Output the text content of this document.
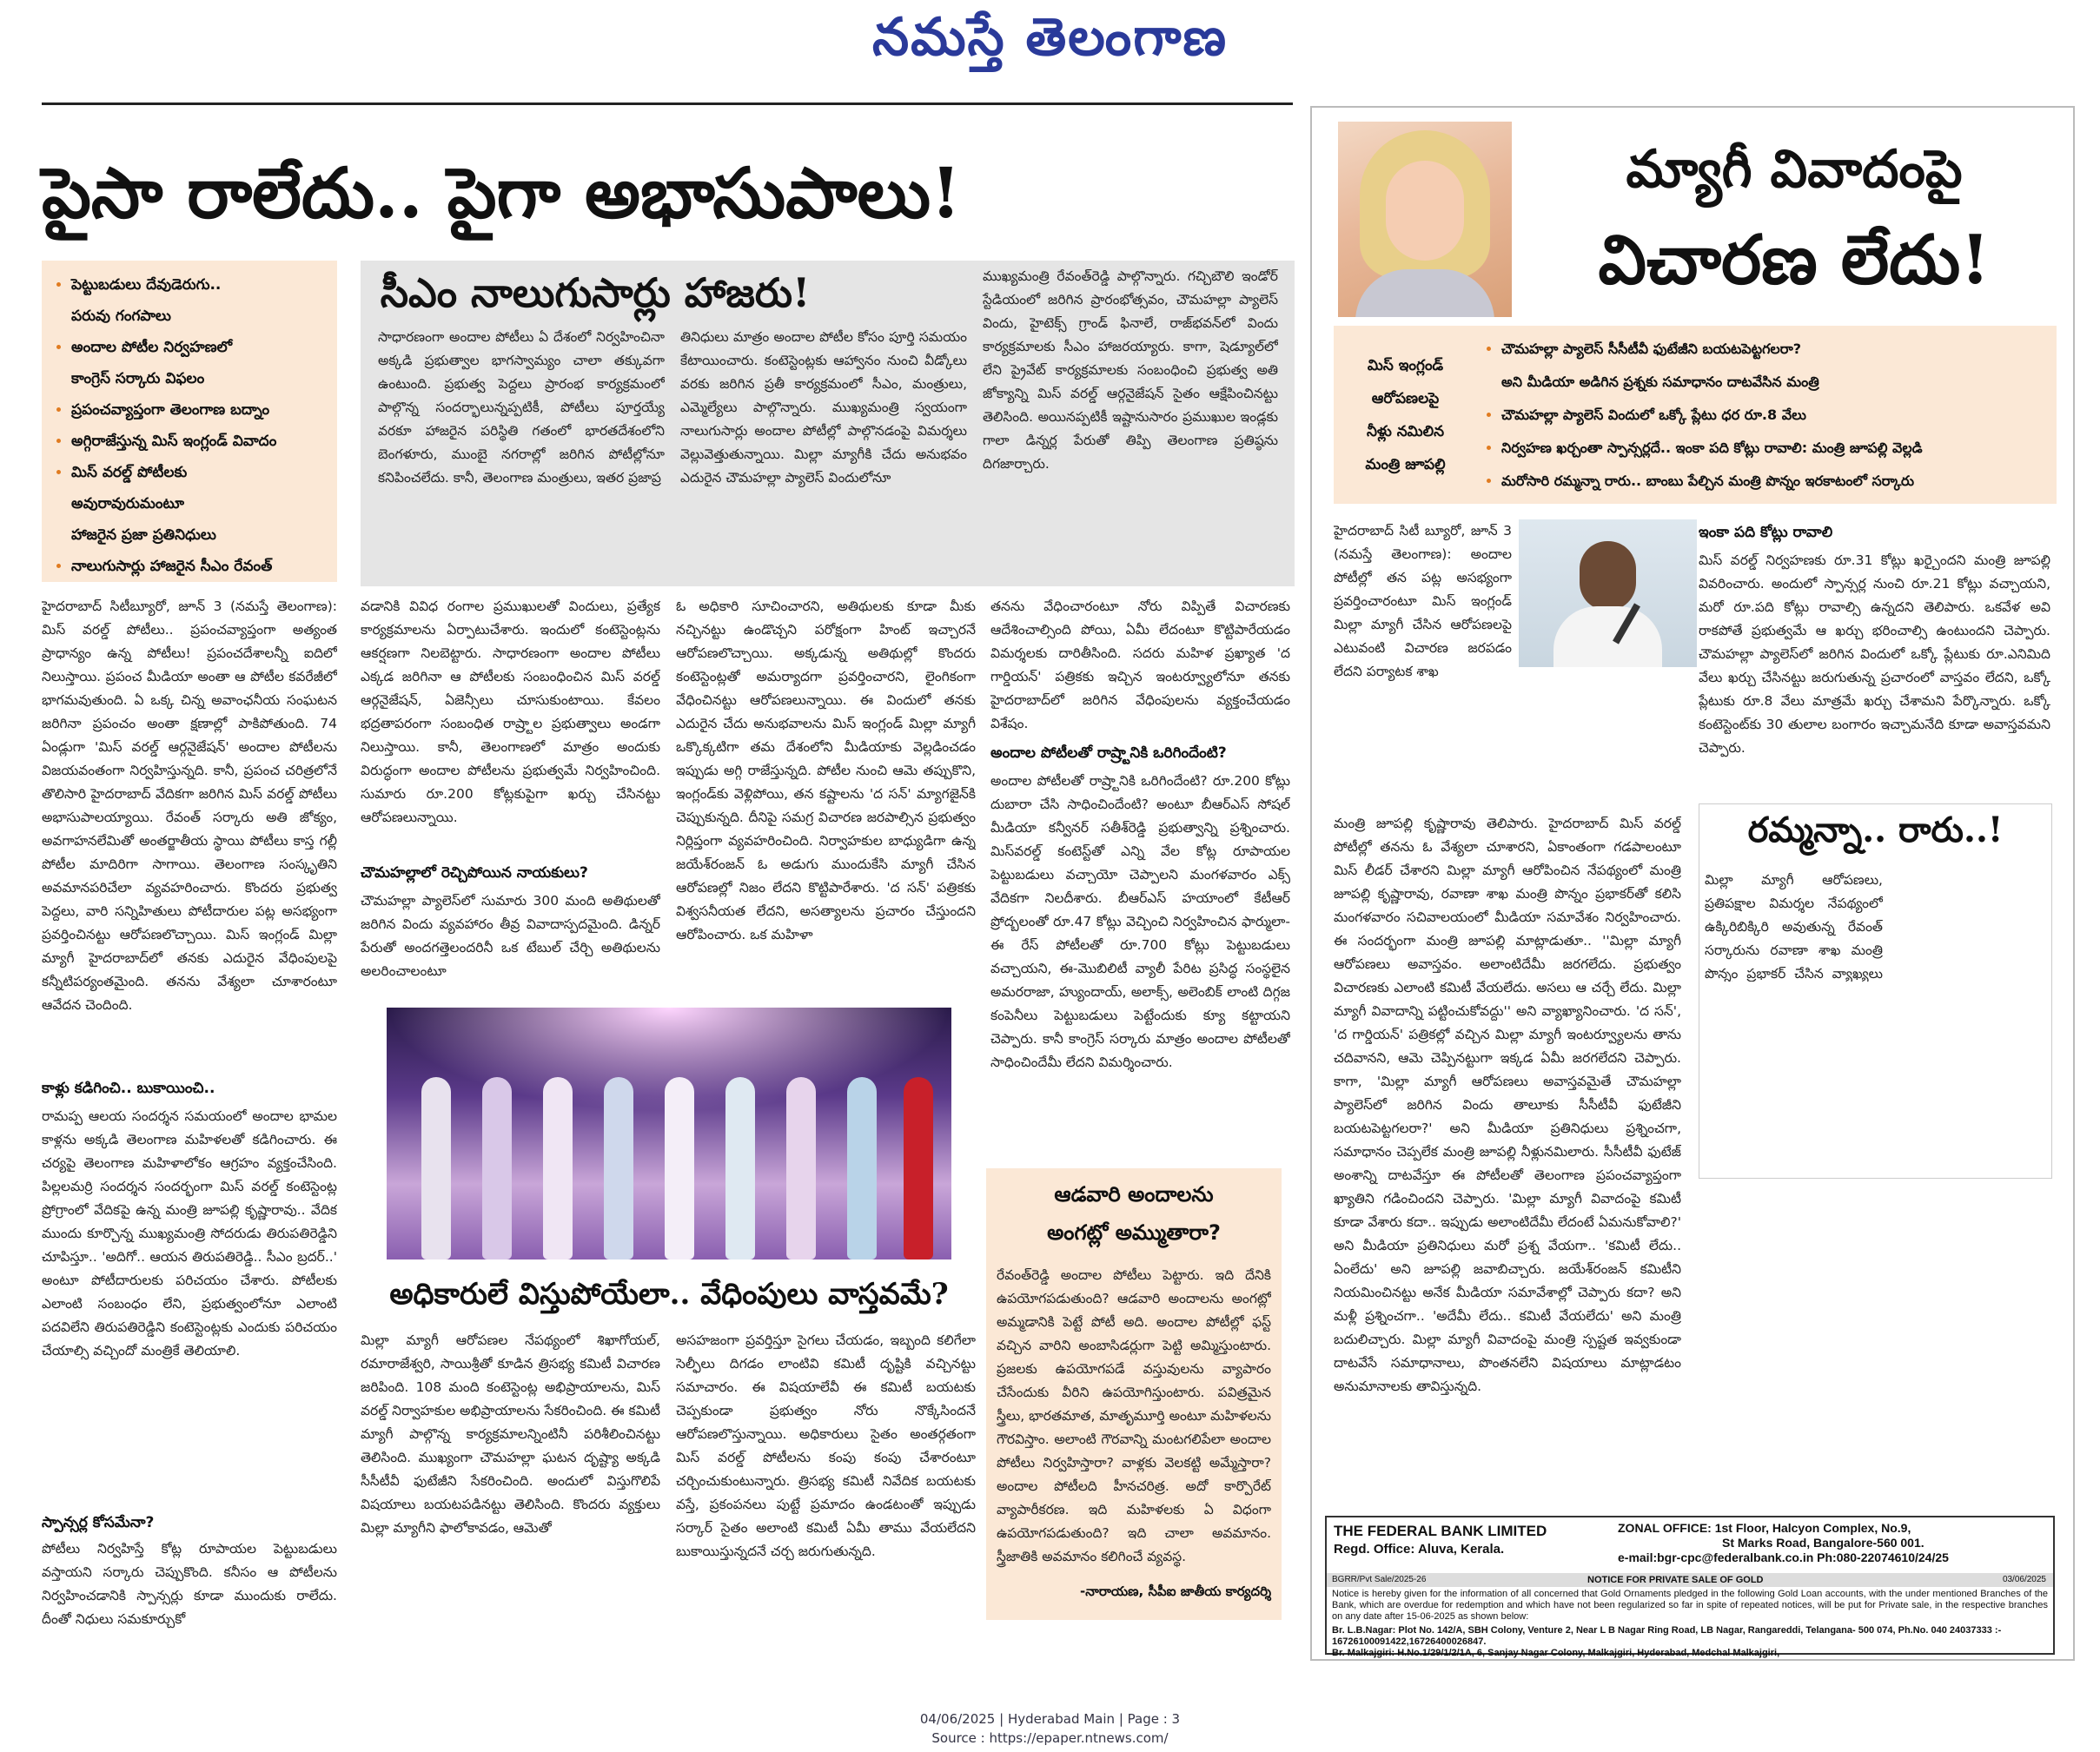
నమస్తే తెలంగాణ
పైసా రాలేదు.. పైగా అభాసుపాలు!
• పెట్టుబడులు దేవుడెరుగు..
పరువు గంగపాలు
• అందాల పోటీల నిర్వహణలో
కాంగ్రెస్ సర్కారు విఫలం
• ప్రపంచవ్యాప్తంగా తెలంగాణ బద్నాం
• అగ్గిరాజేస్తున్న మిస్ ఇంగ్లండ్ వివాదం
• మిస్ వరల్డ్ పోటీలకు
అవురావురుమంటూ
హాజరైన ప్రజా ప్రతినిధులు
• నాలుగుసార్లు హాజరైన సీఎం రేవంత్
సీఎం నాలుగుసార్లు హాజరు!
సాధారణంగా అందాల పోటీలు ఏ దేశంలో నిర్వహించినా అక్కడి ప్రభుత్వాల భాగస్వామ్యం చాలా తక్కువగా ఉంటుంది. ప్రభుత్వ పెద్దలు ప్రారంభ కార్యక్రమంలో పాల్గొన్న సందర్భాలున్నప్పటికీ, పోటీలు పూర్తయ్యే వరకూ హాజరైన పరిస్థితి గతంలో భారతదేశంలోని బెంగళూరు, ముంబై నగరాల్లో జరిగిన పోటీల్లోనూ కనిపించలేదు. కానీ, తెలంగాణ మంత్రులు, ఇతర ప్రజాప్ర
తినిధులు మాత్రం అందాల పోటీల కోసం పూర్తి సమయం కేటాయించారు. కంటెస్టెంట్లకు ఆహ్వానం నుంచి వీడ్కోలు వరకు జరిగిన ప్రతీ కార్యక్రమంలో సీఎం, మంత్రులు, ఎమ్మెల్యేలు పాల్గొన్నారు. ముఖ్యమంత్రి స్వయంగా నాలుగుసార్లు అందాల పోటీల్లో పాల్గొనడంపై విమర్శలు వెల్లువెత్తుతున్నాయి. మిల్లా మ్యాగీకి చేదు అనుభవం ఎదురైన చౌమహల్లా ప్యాలెస్ విందులోనూ
ముఖ్యమంత్రి రేవంత్‌రెడ్డి పాల్గొన్నారు. గచ్చిబౌలి ఇండోర్ స్టేడియంలో జరిగిన ప్రారంభోత్సవం, చౌమహల్లా ప్యాలెస్ విందు, హైటెక్స్ గ్రాండ్ ఫినాలే, రాజ్‌భవన్‌లో విందు కార్యక్రమాలకు సీఎం హాజరయ్యారు. కాగా, షెడ్యూల్‌లో లేని ప్రైవేట్ కార్యక్రమాలకు సంబంధించి ప్రభుత్వ అతి జోక్యాన్ని మిస్ వరల్డ్ ఆర్గనైజేషన్ సైతం ఆక్షేపించినట్టు తెలిసింది. అయినప్పటికీ ఇష్టానుసారం ప్రముఖుల ఇండ్లకు గాలా డిన్నర్ల పేరుతో తిప్పి తెలంగాణ ప్రతిష్ఠను దిగజార్చారు.
హైదరాబాద్ సిటీబ్యూరో, జూన్ 3 (నమస్తే తెలంగాణ): మిస్ వరల్డ్ పోటీలు.. ప్రపంచవ్యాప్తంగా అత్యంత ప్రాధాన్యం ఉన్న పోటీలు! ప్రపంచదేశాలన్నీ ఐదిలో నిలుస్తాయి. ప్రపంచ మీడియా అంతా ఆ పోటీల కవరేజీలో భాగమవుతుంది. ఏ ఒక్క చిన్న అవాంఛనీయ సంఘటన జరిగినా ప్రపంచం అంతా క్షణాల్లో పాకిపోతుంది. 74 ఏండ్లుగా 'మిస్ వరల్డ్ ఆర్గనైజేషన్' అందాల పోటీలను విజయవంతంగా నిర్వహిస్తున్నది. కానీ, ప్రపంచ చరిత్రలోనే తొలిసారి హైదరాబాద్ వేదికగా జరిగిన మిస్ వరల్డ్ పోటీలు అభాసుపాలయ్యాయి. రేవంత్ సర్కారు అతి జోక్యం, అవగాహనలేమితో అంతర్జాతీయ స్థాయి పోటీలు కాస్త గల్లీ పోటీల మాదిరిగా సాగాయి. తెలంగాణ సంస్కృతిని అవమానపరిచేలా వ్యవహరించారు. కొందరు ప్రభుత్వ పెద్దలు, వారి సన్నిహితులు పోటీదారుల పట్ల అసభ్యంగా ప్రవర్తించినట్టు ఆరోపణలొచ్చాయి. మిస్ ఇంగ్లండ్ మిల్లా మ్యాగీ హైదరాబాద్‌లో తనకు ఎదురైన వేధింపులపై కన్నీటిపర్యంతమైంది. తనను వేశ్యలా చూశారంటూ ఆవేదన చెందింది.
కాళ్లు కడిగించి.. బుకాయించి..
రామప్ప ఆలయ సందర్శన సమయంలో అందాల భామల కాళ్లను అక్కడి తెలంగాణ మహిళలతో కడిగించారు. ఈ చర్యపై తెలంగాణ మహిళాలోకం ఆగ్రహం వ్యక్తంచేసింది. పిల్లలమర్రి సందర్శన సందర్భంగా మిస్ వరల్డ్ కంటెస్టెంట్ల ప్రోగ్రాంలో వేదికపై ఉన్న మంత్రి జూపల్లి కృష్ణారావు.. వేదిక ముందు కూర్చొన్న ముఖ్యమంత్రి సోదరుడు తిరుపతిరెడ్డిని చూపిస్తూ.. 'అదిగో.. ఆయన తిరుపతిరెడ్డి.. సీఎం బ్రదర్..' అంటూ పోటీదారులకు పరిచయం చేశారు. పోటీలకు ఎలాంటి సంబంధం లేని, ప్రభుత్వంలోనూ ఎలాంటి పదవిలేని తిరుపతిరెడ్డిని కంటెస్టెంట్లకు ఎందుకు పరిచయం చేయాల్సి వచ్చిందో మంత్రికే తెలియాలి.
స్పాన్సర్ల కోసమేనా?
పోటీలు నిర్వహిస్తే కోట్ల రూపాయల పెట్టుబడులు వస్తాయని సర్కారు చెప్పుకొంది. కనీసం ఆ పోటీలను నిర్వహించడానికి స్పాన్సర్లు కూడా ముందుకు రాలేదు. దీంతో నిధులు సమకూర్చుకో
వడానికి వివిధ రంగాల ప్రముఖులతో విందులు, ప్రత్యేక కార్యక్రమాలను ఏర్పాటుచేశారు. ఇందులో కంటెస్టెంట్లను ఆకర్షణగా నిలబెట్టారు. సాధారణంగా అందాల పోటీలు ఎక్కడ జరిగినా ఆ పోటీలకు సంబంధించిన మిస్ వరల్డ్ ఆర్గనైజేషన్, ఏజెన్సీలు చూసుకుంటాయి. కేవలం భద్రతాపరంగా సంబంధిత రాష్ర్టాల ప్రభుత్వాలు అండగా నిలుస్తాయి. కానీ, తెలంగాణలో మాత్రం అందుకు విరుద్ధంగా అందాల పోటీలను ప్రభుత్వమే నిర్వహించింది. సుమారు రూ.200 కోట్లకుపైగా ఖర్చు చేసినట్టు ఆరోపణలున్నాయి.
చౌమహల్లాలో రెచ్చిపోయిన నాయకులు?
చౌమహల్లా ప్యాలెస్‌లో సుమారు 300 మంది అతిథులతో జరిగిన విందు వ్యవహారం తీవ్ర వివాదాస్పదమైంది. డిన్నర్ పేరుతో అందగత్తెలందరినీ ఒక టేబుల్ చేర్చి అతిథులను అలరించాలంటూ
ఓ అధికారి సూచించారని, అతిథులకు కూడా మీకు నచ్చినట్టు ఉండొచ్చని పరోక్షంగా హింట్ ఇచ్చారనే ఆరోపణలొచ్చాయి. అక్కడున్న అతిథుల్లో కొందరు కంటెస్టెంట్లతో అమర్యాదగా ప్రవర్తించారని, లైంగికంగా వేధించినట్టు ఆరోపణలున్నాయి. ఈ విందులో తనకు ఎదురైన చేదు అనుభవాలను మిస్ ఇంగ్లండ్ మిల్లా మ్యాగీ ఒక్కొక్కటిగా తమ దేశంలోని మీడియాకు వెల్లడించడం ఇప్పుడు అగ్గి రాజేస్తున్నది. పోటీల నుంచి ఆమె తప్పుకొని, ఇంగ్లండ్‌కు వెళ్లిపోయి, తన కష్టాలను 'ద సన్' మ్యాగజైన్‌కి చెప్పుకున్నది. దీనిపై సమగ్ర విచారణ జరపాల్సిన ప్రభుత్వం నిర్లిప్తంగా వ్యవహరించింది. నిర్వాహకుల బాధ్యుడిగా ఉన్న జయేశ్‌రంజన్ ఓ అడుగు ముందుకేసి మ్యాగీ చేసిన ఆరోపణల్లో నిజం లేదని కొట్టిపారేశారు. 'ద సన్' పత్రికకు విశ్వసనీయత లేదని, అసత్యాలను ప్రచారం చేస్తుందని ఆరోపించారు. ఒక మహిళా
తనను వేధించారంటూ నోరు విప్పితే విచారణకు ఆదేశించాల్సింది పోయి, ఏమీ లేదంటూ కొట్టిపారేయడం విమర్శలకు దారితీసింది. సదరు మహిళ ప్రఖ్యాత 'ద గార్డియన్' పత్రికకు ఇచ్చిన ఇంటర్వ్యూలోనూ తనకు హైదరాబాద్‌లో జరిగిన వేధింపులను వ్యక్తంచేయడం విశేషం.
అందాల పోటీలతో రాష్ర్టానికి ఒరిగిందేంటి?
అందాల పోటీలతో రాష్ర్టానికి ఒరిగిందేంటి? రూ.200 కోట్లు దుబారా చేసి సాధించిందేంటి? అంటూ బీఆర్ఎస్ సోషల్ మీడియా కన్వీనర్ సతీశ్‌రెడ్డి ప్రభుత్వాన్ని ప్రశ్నించారు. మిస్‌వరల్డ్ కంటెస్ట్‌తో ఎన్ని వేల కోట్ల రూపాయల పెట్టుబడులు వచ్చాయో చెప్పాలని మంగళవారం ఎక్స్ వేదికగా నిలదీశారు. బీఆర్ఎస్ హయాంలో కేటీఆర్ ప్రోద్బలంతో రూ.47 కోట్లు వెచ్చించి నిర్వహించిన ఫార్ములా-ఈ రేస్ పోటీలతో రూ.700 కోట్లు పెట్టుబడులు వచ్చాయని, ఈ-మొబిలిటీ వ్యాలీ పేరిట ప్రసిద్ధ సంస్థలైన అమరరాజా, హ్యుందాయ్, అలాక్స్, అలెంబిక్ లాంటి దిగ్గజ కంపెనీలు పెట్టుబడులు పెట్టేందుకు క్యూ కట్టాయని చెప్పారు. కానీ కాంగ్రెస్ సర్కారు మాత్రం అందాల పోటీలతో సాధించిందేమీ లేదని విమర్శించారు.
అధికారులే విస్తుపోయేలా.. వేధింపులు వాస్తవమే?
మిల్లా మ్యాగీ ఆరోపణల నేపథ్యంలో శిఖాగోయల్, రమారాజేశ్వరి, సాయిశ్రీతో కూడిన త్రిసభ్య కమిటీ విచారణ జరిపింది. 108 మంది కంటెస్టెంట్ల అభిప్రాయాలను, మిస్ వరల్డ్ నిర్వాహకుల అభిప్రాయాలను సేకరించింది. ఈ కమిటీ మ్యాగీ పాల్గొన్న కార్యక్రమాలన్నింటినీ పరిశీలించినట్టు తెలిసింది. ముఖ్యంగా చౌమహల్లా ఘటన దృష్ట్యా అక్కడి సీసీటీవీ ఫుటేజీని సేకరించింది. అందులో విస్తుగొలిపే విషయాలు బయటపడినట్టు తెలిసింది. కొందరు వ్యక్తులు మిల్లా మ్యాగీని ఫాలోకావడం, ఆమెతో
అసహజంగా ప్రవర్తిస్తూ సైగలు చేయడం, ఇబ్బంది కలిగేలా సెల్ఫీలు దిగడం లాంటివి కమిటీ దృష్టికి వచ్చినట్టు సమాచారం. ఈ విషయాలేవీ ఈ కమిటీ బయటకు చెప్పకుండా ప్రభుత్వం నోరు నొక్కేసిందనే ఆరోపణలొస్తున్నాయి. అధికారులు సైతం అంతర్గతంగా మిస్ వరల్డ్ పోటీలను కంపు కంపు చేశారంటూ చర్చించుకుంటున్నారు. త్రిసభ్య కమిటీ నివేదిక బయటకు వస్తే, ప్రకంపనలు పుట్టే ప్రమాదం ఉండటంతో ఇప్పుడు సర్కార్ సైతం అలాంటి కమిటీ ఏమీ తాము వేయలేదని బుకాయిస్తున్నదనే చర్చ జరుగుతున్నది.
ఆడవారి అందాలను
అంగట్లో అమ్ముతారా?
రేవంత్‌రెడ్డి అందాల పోటీలు పెట్టారు. ఇది దేనికి ఉపయోగపడుతుంది? ఆడవారి అందాలను అంగట్లో అమ్మడానికి పెట్టే పోటీ అది. అందాల పోటీల్లో ఫస్ట్ వచ్చిన వారిని అంబాసిడర్లుగా పెట్టి అమ్మిస్తుంటారు. ప్రజలకు ఉపయోగపడే వస్తువులను వ్యాపారం చేసేందుకు వీరిని ఉపయోగిస్తుంటారు. పవిత్రమైన స్త్రీలు, భారతమాత, మాతృమూర్తి అంటూ మహిళలను గౌరవిస్తాం. అలాంటి గౌరవాన్ని మంటగలిపేలా అందాల పోటీలు నిర్వహిస్తారా? వాళ్లకు వెలకట్టి అమ్మేస్తారా? అందాల పోటీలది హీనచరిత్ర. అదో కార్పొరేట్ వ్యాపారీకరణ. ఇది మహిళలకు ఏ విధంగా ఉపయోగపడుతుంది? ఇది చాలా అవమానం. స్త్రీజాతికి అవమానం కలిగించే వ్యవస్థ.
-నారాయణ, సీపీఐ జాతీయ కార్యదర్శి
మ్యాగీ వివాదంపై
విచారణ లేదు!
మిస్ ఇంగ్లండ్
ఆరోపణలపై
నీళ్లు నమిలిన
మంత్రి జూపల్లి
• చౌమహల్లా ప్యాలెస్ సీసీటీవీ ఫుటేజీని బయటపెట్టగలరా?
అని మీడియా అడిగిన ప్రశ్నకు సమాధానం దాటవేసిన మంత్రి
• చౌమహల్లా ప్యాలెస్ విందులో ఒక్కో ప్లేటు ధర రూ.8 వేలు
• నిర్వహణ ఖర్చంతా స్పాన్సర్లదే.. ఇంకా పది కోట్లు రావాలి: మంత్రి జూపల్లి వెల్లడి
• మరోసారి రమ్మన్నా రారు.. బాంబు పేల్చిన మంత్రి పొన్నం ఇరకాటంలో సర్కారు
హైదరాబాద్ సిటీ బ్యూరో, జూన్ 3 (నమస్తే తెలంగాణ): అందాల పోటీల్లో తన పట్ల అసభ్యంగా ప్రవర్తించారంటూ మిస్ ఇంగ్లండ్ మిల్లా మ్యాగీ చేసిన ఆరోపణలపై ఎటువంటి విచారణ జరపడం లేదని పర్యాటక శాఖ
మంత్రి జూపల్లి కృష్ణారావు తెలిపారు. హైదరాబాద్ మిస్ వరల్డ్ పోటీల్లో తనను ఓ వేశ్యలా చూశారని, ఏకాంతంగా గడపాలంటూ మిస్ లీడర్ చేశారని మిల్లా మ్యాగీ ఆరోపించిన నేపథ్యంలో మంత్రి జూపల్లి కృష్ణారావు, రవాణా శాఖ మంత్రి పొన్నం ప్రభాకర్‌తో కలిసి మంగళవారం సచివాలయంలో మీడియా సమావేశం నిర్వహించారు. ఈ సందర్భంగా మంత్రి జూపల్లి మాట్లాడుతూ.. ''మిల్లా మ్యాగీ ఆరోపణలు అవాస్తవం. అలాంటిదేమీ జరగలేదు. ప్రభుత్వం విచారణకు ఎలాంటి కమిటీ వేయలేదు. అసలు ఆ చర్చే లేదు. మిల్లా మ్యాగీ వివాదాన్ని పట్టించుకోవద్దు'' అని వ్యాఖ్యానించారు. 'ద సన్', 'ద గార్డియన్' పత్రికల్లో వచ్చిన మిల్లా మ్యాగీ ఇంటర్వ్యూలను తాను చదివానని, ఆమె చెప్పినట్టుగా ఇక్కడ ఏమీ జరగలేదని చెప్పారు. కాగా, 'మిల్లా మ్యాగీ ఆరోపణలు అవాస్తవమైతే చౌమహల్లా ప్యాలెస్‌లో జరిగిన విందు తాలూకు సీసీటీవీ ఫుటేజీని బయటపెట్టగలరా?' అని మీడియా ప్రతినిధులు ప్రశ్నించగా, సమాధానం చెప్పలేక మంత్రి జూపల్లి నీళ్లునమిలారు. సీసీటీవీ ఫుటేజ్ అంశాన్ని దాటవేస్తూ ఈ పోటీలతో తెలంగాణ ప్రపంచవ్యాప్తంగా ఖ్యాతిని గడించిందని చెప్పారు. 'మిల్లా మ్యాగీ వివాదంపై కమిటీ కూడా వేశారు కదా.. ఇప్పుడు అలాంటిదేమీ లేదంటే ఏమనుకోవాలి?' అని మీడియా ప్రతినిధులు మరో ప్రశ్న వేయగా.. 'కమిటీ లేదు.. ఏంలేదు' అని జూపల్లి జవాబిచ్చారు. జయేశ్‌రంజన్ కమిటీని నియమించినట్టు అనేక మీడియా సమావేశాల్లో చెప్పారు కదా? అని మళ్లీ ప్రశ్నించగా.. 'అదేమీ లేదు.. కమిటీ వేయలేదు' అని మంత్రి బదులిచ్చారు. మిల్లా మ్యాగీ వివాదంపై మంత్రి స్పష్టత ఇవ్వకుండా దాటవేసే సమాధానాలు, పొంతనలేని విషయాలు మాట్లాడటం అనుమానాలకు తావిస్తున్నది.
ఇంకా పది కోట్లు రావాలి
మిస్ వరల్డ్ నిర్వహణకు రూ.31 కోట్లు ఖర్చైందని మంత్రి జూపల్లి వివరించారు. అందులో స్పాన్సర్ల నుంచి రూ.21 కోట్లు వచ్చాయని, మరో రూ.పది కోట్లు రావాల్సి ఉన్నదని తెలిపారు. ఒకవేళ అవి రాకపోతే ప్రభుత్వమే ఆ ఖర్చు భరించాల్సి ఉంటుందని చెప్పారు. చౌమహల్లా ప్యాలెస్‌లో జరిగిన విందులో ఒక్కో ప్లేటుకు రూ.ఎనిమిది వేలు ఖర్చు చేసినట్టు జరుగుతున్న ప్రచారంలో వాస్తవం లేదని, ఒక్కో ప్లేటుకు రూ.8 వేలు మాత్రమే ఖర్చు చేశామని పేర్కొన్నారు. ఒక్కో కంటెస్టెంట్‌కు 30 తులాల బంగారం ఇచ్చామనేది కూడా అవాస్తవమని చెప్పారు.
రమ్మన్నా.. రారు..!
మిల్లా మ్యాగీ ఆరోపణలు, ప్రతిపక్షాల విమర్శల నేపథ్యంలో ఉక్కిరిబిక్కిరి అవుతున్న రేవంత్ సర్కారును రవాణా శాఖ మంత్రి పొన్నం ప్రభాకర్ చేసిన వ్యాఖ్యలు
THE FEDERAL BANK LIMITED
Regd. Office: Aluva, Kerala.
ZONAL OFFICE: 1st Floor, Halcyon Complex, No.9,
St Marks Road, Bangalore-560 001.
e-mail:bgr-cpc@federalbank.co.in Ph:080-22074610/24/25
BGRR/Pvt Sale/2025-26	NOTICE FOR PRIVATE SALE OF GOLD	03/06/2025
Notice is hereby given for the information of all concerned that Gold Ornaments pledged in the following Gold Loan accounts, with the under mentioned Branches of the Bank, which are overdue for redemption and which have not been regularized so far in spite of repeated notices, will be put for Private sale, in the respective branches on any date after 15-06-2025 as shown below:
Br. L.B.Nagar: Plot No. 142/A, SBH Colony, Venture 2, Near L B Nagar Ring Road, LB Nagar, Rangareddi, Telangana- 500 074, Ph.No. 040 24037333 :- 16726100091422,16726400026847.
Br. Malkajgiri: H.No.1/29/1/2/1A, 6, Sanjay Nagar Colony, Malkajgiri, Hyderabad, Medchal Malkajgiri,
04/06/2025 | Hyderabad Main | Page : 3
Source : https://epaper.ntnews.com/
